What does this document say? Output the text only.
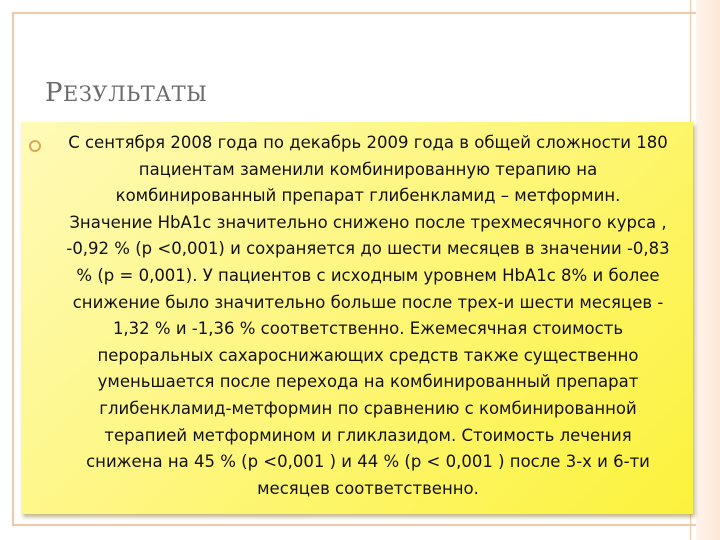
РЕЗУЛЬТАТЫ

С сентября 2008 года по декабрь 2009 года в общей сложности 180
пациентам заменили комбинированную терапию на
комбинированный препарат глибенкламид – метформин.
Значение HbA1c значительно снижено после трехмесячного курса ,
-0,92 % (p <0,001) и сохраняется до шести месяцев в значении -0,83
% (p = 0,001). У пациентов с исходным уровнем HbA1c 8% и более
снижение было значительно больше после трех-и шести месяцев -
1,32 % и -1,36 % соответственно. Ежемесячная стоимость
пероральных сахароснижающих средств также существенно
уменьшается после перехода на комбинированный препарат
глибенкламид-метформин по сравнению с комбинированной
терапией метформином и гликлазидом. Стоимость лечения
снижена на 45 % (p <0,001 ) и 44 % (p < 0,001 ) после 3-х и 6-ти
месяцев соответственно.
